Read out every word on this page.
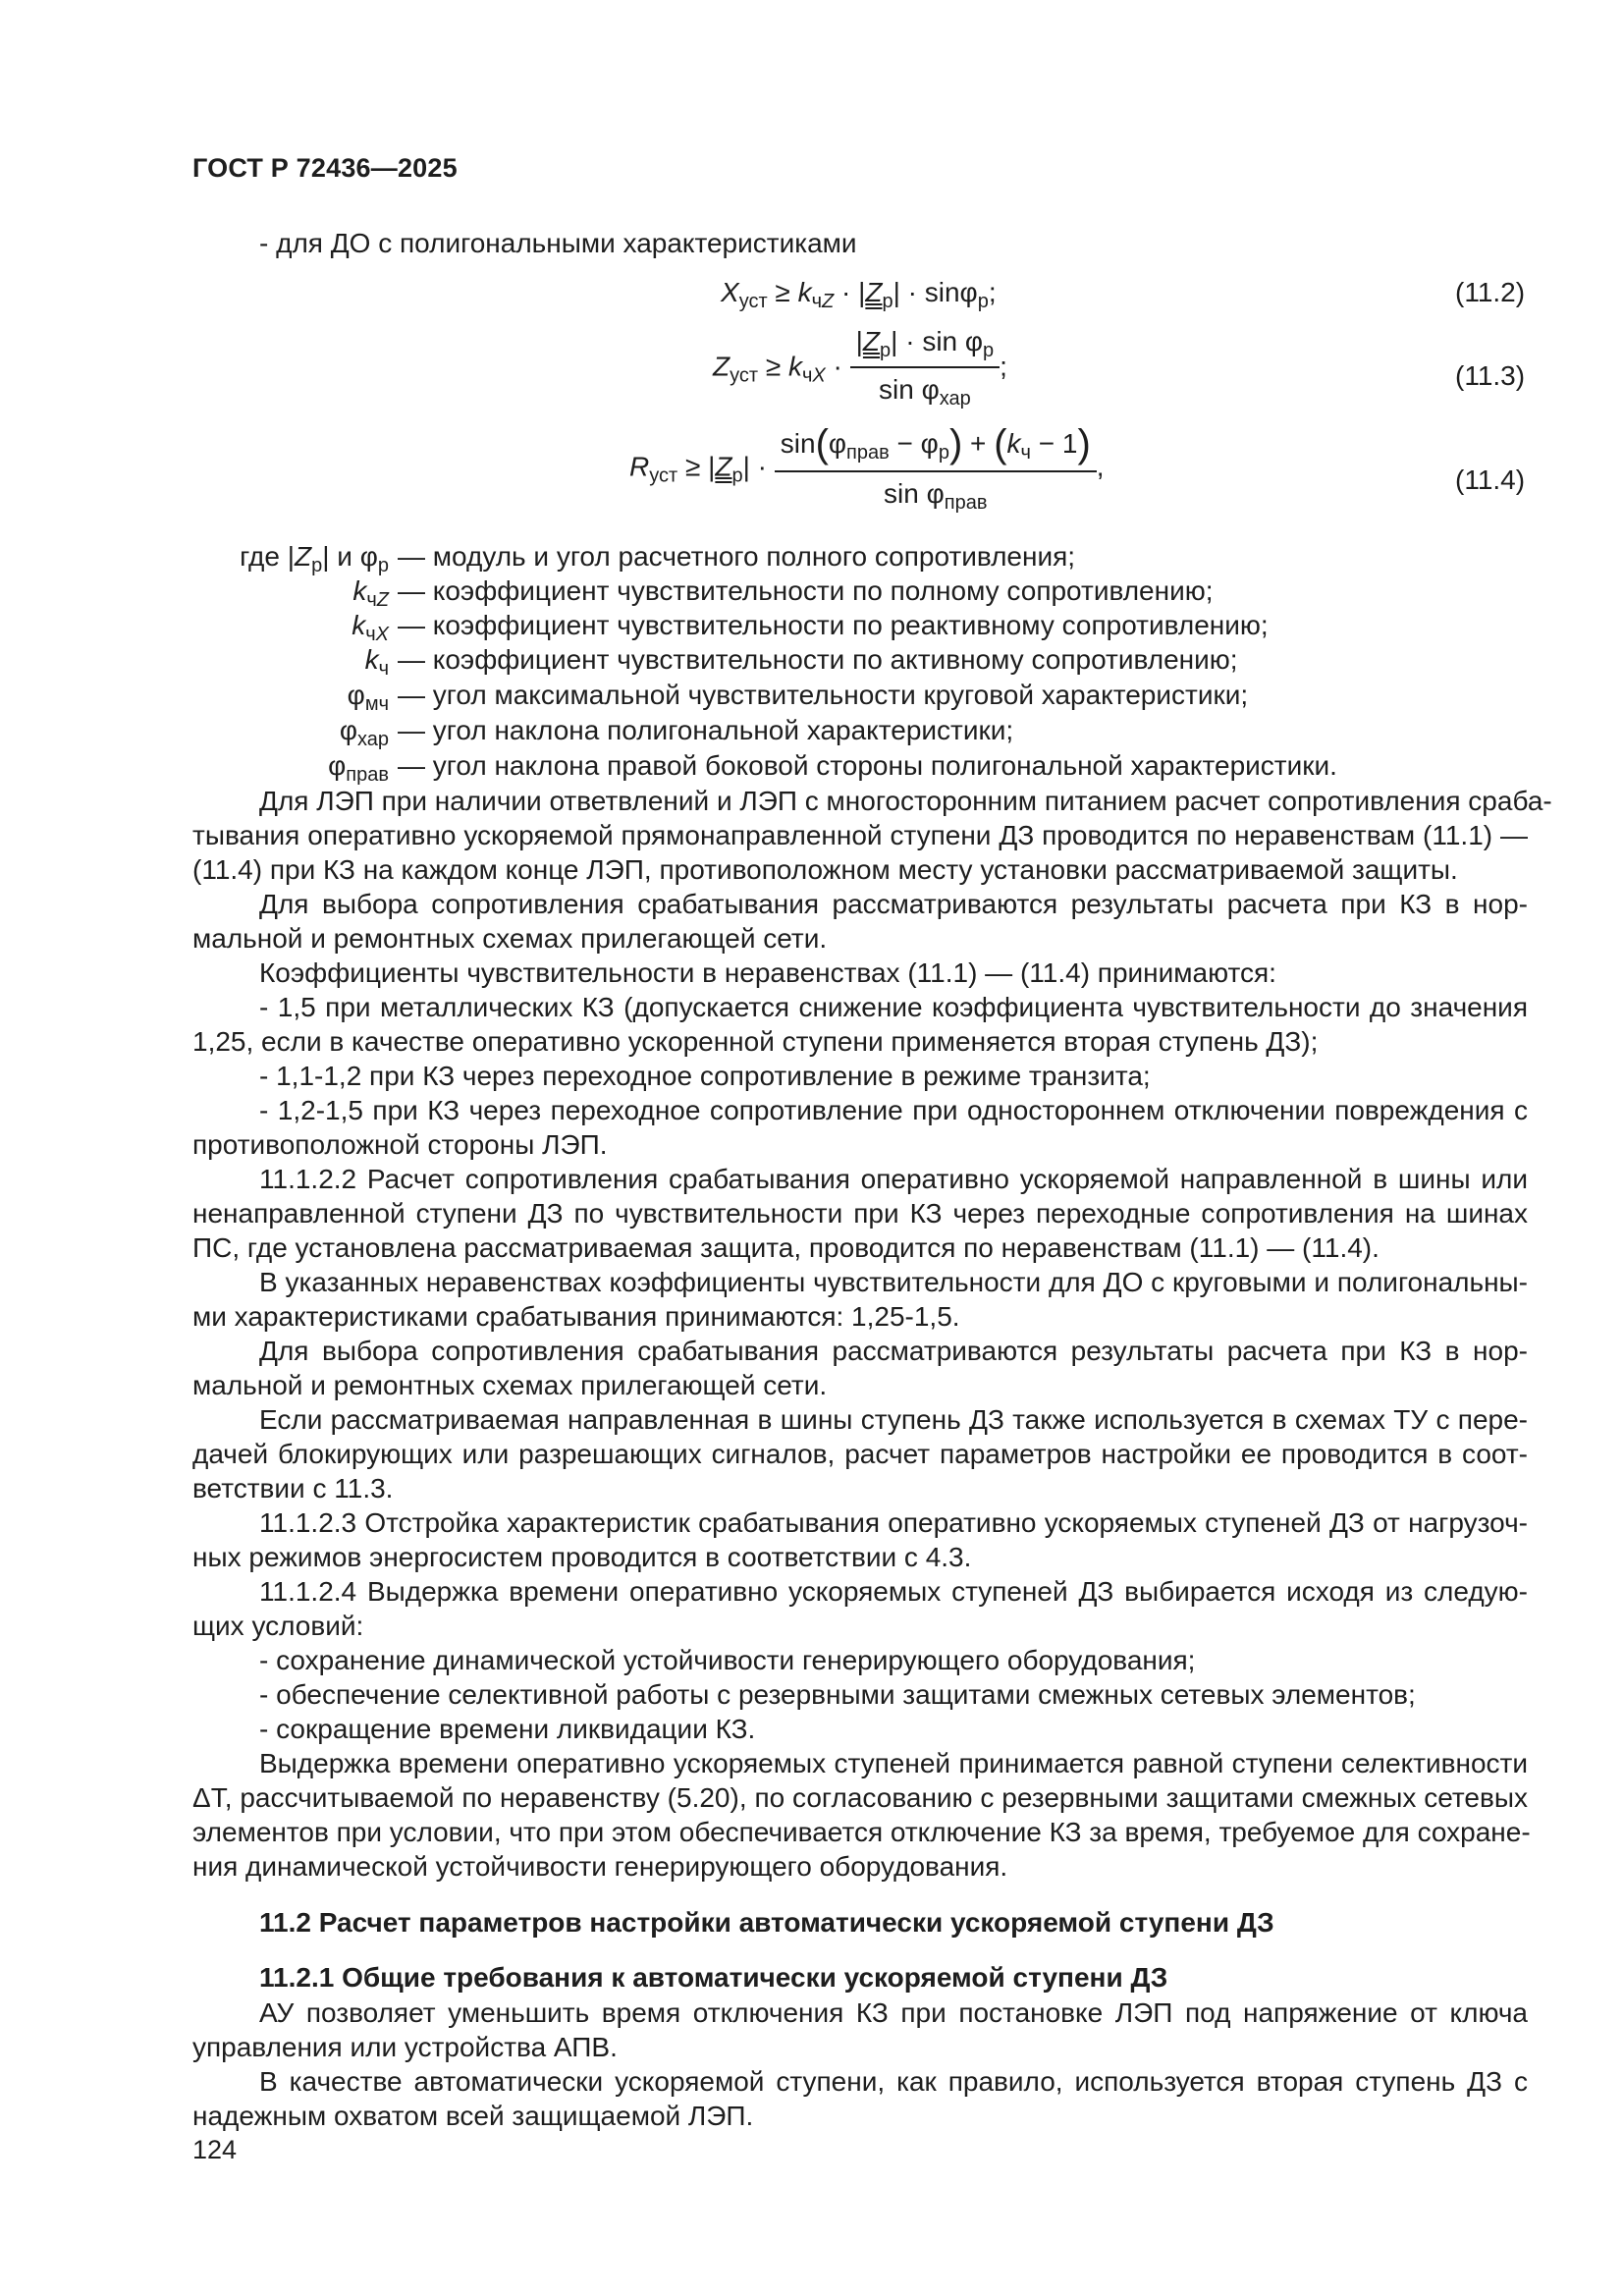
ГОСТ Р 72436—2025
- для ДО с полигональными характеристиками
$X_{уст} \ge k_{чZ} \cdot |Z_р| \cdot \sin\varphi_р$;	(11.2)
$Z_{уст} \ge k_{чX} \cdot \frac{|Z_р| \cdot \sin \varphi_р}{\sin \varphi_{хар}}$ ;	(11.3)
$R_{уст} \ge |Z_р| \cdot \frac{\sin(\varphi_{прав} - \varphi_р) + (k_ч - 1)}{\sin \varphi_{прав}}$ ,	(11.4)
где $|Z_р|$ и $\varphi_р$ — модуль и угол расчетного полного сопротивления;
$k_{чZ}$ — коэффициент чувствительности по полному сопротивлению;
$k_{чX}$ — коэффициент чувствительности по реактивному сопротивлению;
$k_ч$ — коэффициент чувствительности по активному сопротивлению;
$\varphi_{мч}$ — угол максимальной чувствительности круговой характеристики;
$\varphi_{хар}$ — угол наклона полигональной характеристики;
$\varphi_{прав}$ — угол наклона правой боковой стороны полигональной характеристики.
Для ЛЭП при наличии ответвлений и ЛЭП с многосторонним питанием расчет сопротивления сраба-
тывания оперативно ускоряемой прямонаправленной ступени ДЗ проводится по неравенствам (11.1) —
(11.4) при КЗ на каждом конце ЛЭП, противоположном месту установки рассматриваемой защиты.
Для выбора сопротивления срабатывания рассматриваются результаты расчета при КЗ в нор-
мальной и ремонтных схемах прилегающей сети.
Коэффициенты чувствительности в неравенствах (11.1) — (11.4) принимаются:
- 1,5 при металлических КЗ (допускается снижение коэффициента чувствительности до значения
1,25, если в качестве оперативно ускоренной ступени применяется вторая ступень ДЗ);
- 1,1-1,2 при КЗ через переходное сопротивление в режиме транзита;
- 1,2-1,5 при КЗ через переходное сопротивление при одностороннем отключении повреждения с
противоположной стороны ЛЭП.
11.1.2.2 Расчет сопротивления срабатывания оперативно ускоряемой направленной в шины или
ненаправленной ступени ДЗ по чувствительности при КЗ через переходные сопротивления на шинах
ПС, где установлена рассматриваемая защита, проводится по неравенствам (11.1) — (11.4).
В указанных неравенствах коэффициенты чувствительности для ДО с круговыми и полигональны-
ми характеристиками срабатывания принимаются: 1,25-1,5.
Для выбора сопротивления срабатывания рассматриваются результаты расчета при КЗ в нор-
мальной и ремонтных схемах прилегающей сети.
Если рассматриваемая направленная в шины ступень ДЗ также используется в схемах ТУ с пере-
дачей блокирующих или разрешающих сигналов, расчет параметров настройки ее проводится в соот-
ветствии с 11.3.
11.1.2.3 Отстройка характеристик срабатывания оперативно ускоряемых ступеней ДЗ от нагрузоч-
ных режимов энергосистем проводится в соответствии с 4.3.
11.1.2.4 Выдержка времени оперативно ускоряемых ступеней ДЗ выбирается исходя из следую-
щих условий:
- сохранение динамической устойчивости генерирующего оборудования;
- обеспечение селективной работы с резервными защитами смежных сетевых элементов;
- сокращение времени ликвидации КЗ.
Выдержка времени оперативно ускоряемых ступеней принимается равной ступени селективности
ΔT, рассчитываемой по неравенству (5.20), по согласованию с резервными защитами смежных сетевых
элементов при условии, что при этом обеспечивается отключение КЗ за время, требуемое для сохране-
ния динамической устойчивости генерирующего оборудования.
11.2 Расчет параметров настройки автоматически ускоряемой ступени ДЗ
11.2.1 Общие требования к автоматически ускоряемой ступени ДЗ
АУ позволяет уменьшить время отключения КЗ при постановке ЛЭП под напряжение от ключа
управления или устройства АПВ.
В качестве автоматически ускоряемой ступени, как правило, используется вторая ступень ДЗ с
надежным охватом всей защищаемой ЛЭП.
124
